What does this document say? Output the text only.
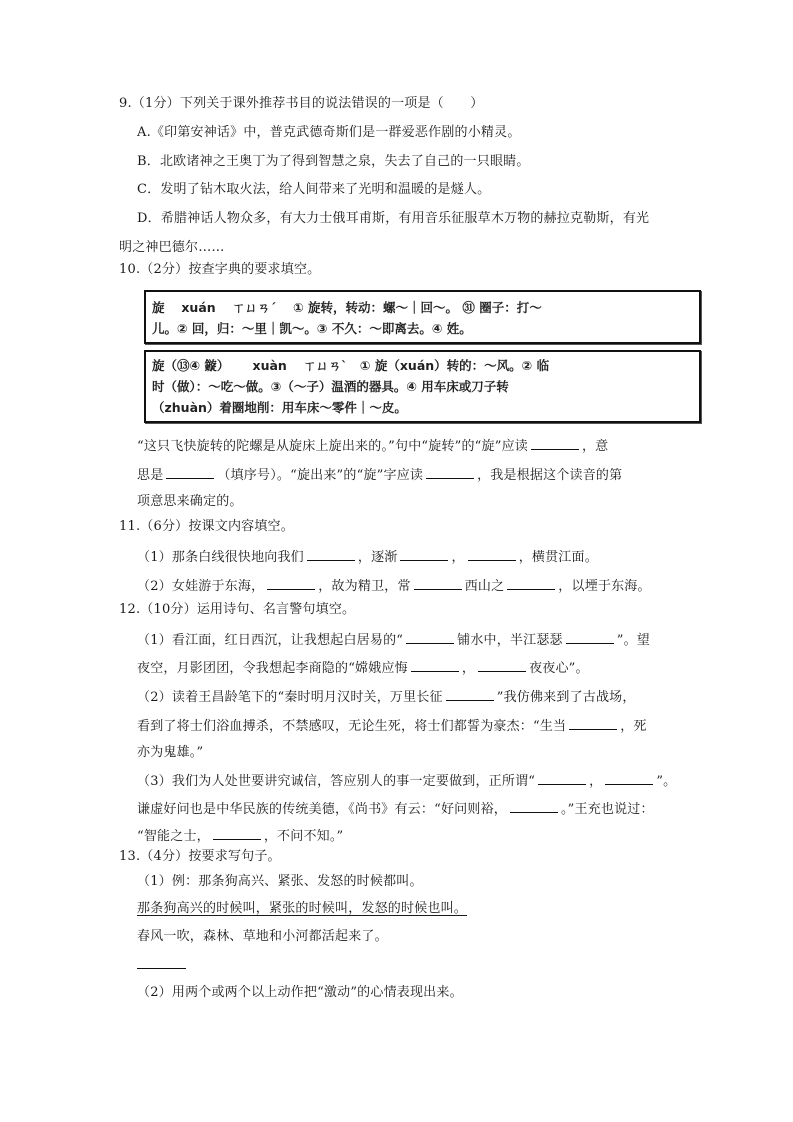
9.（1分）下列关于课外推荐书目的说法错误的一项是（　　）
A.《印第安神话》中，普克武德奇斯们是一群爱恶作剧的小精灵。
B．北欧诸神之王奥丁为了得到智慧之泉，失去了自己的一只眼睛。
C．发明了钻木取火法，给人间带来了光明和温暖的是燧人。
D．希腊神话人物众多，有大力士俄耳甫斯，有用音乐征服草木万物的赫拉克勒斯，有光
明之神巴德尔……
10.（2分）按查字典的要求填空。
旋　 xuán　 ㄒㄩㄢˊ　 ① 旋转，转动：螺～｜回～。 ㉛ 圈子：打～
儿。② 回，归：～里｜凯～。③ 不久：～即离去。④ 姓。
旋（⑬④ 鏇）　　 xuàn　 ㄒㄩㄢˋ　① 旋（xuán）转的：～风。② 临
时（做）：～吃～做。③（～子）温酒的器具。④ 用车床或刀子转
（zhuàn）着圈地削：用车床～零件｜～皮。
“这只飞快旋转的陀螺是从旋床上旋出来的。”句中“旋转”的“旋”应读	，意
思是	（填序号）。“旋出来”的“旋”字应读	，我是根据这个读音的第
项意思来确定的。
11.（6分）按课文内容填空。
（1）那条白线很快地向我们	，逐渐	，	，横贯江面。
（2）女娃游于东海，	，故为精卫，常	西山之	，以堙于东海。
12.（10分）运用诗句、名言警句填空。
（1）看江面，红日西沉，让我想起白居易的“	铺水中，半江瑟瑟	”。望
夜空，月影团团，令我想起李商隐的“嫦娥应悔	，	夜夜心”。
（2）读着王昌龄笔下的“秦时明月汉时关，万里长征	”我仿佛来到了古战场，
看到了将士们浴血搏杀，不禁感叹，无论生死，将士们都誓为豪杰：“生当	，死
亦为鬼雄。”
（3）我们为人处世要讲究诚信，答应别人的事一定要做到，正所谓“	，	”。
谦虚好问也是中华民族的传统美德，《尚书》有云：“好问则裕，	。”王充也说过：
“智能之士，	，不问不知。”
13.（4分）按要求写句子。
（1）例：那条狗高兴、紧张、发怒的时候都叫。
那条狗高兴的时候叫，紧张的时候叫，发怒的时候也叫。
春风一吹，森林、草地和小河都活起来了。
（2）用两个或两个以上动作把“激动”的心情表现出来。
